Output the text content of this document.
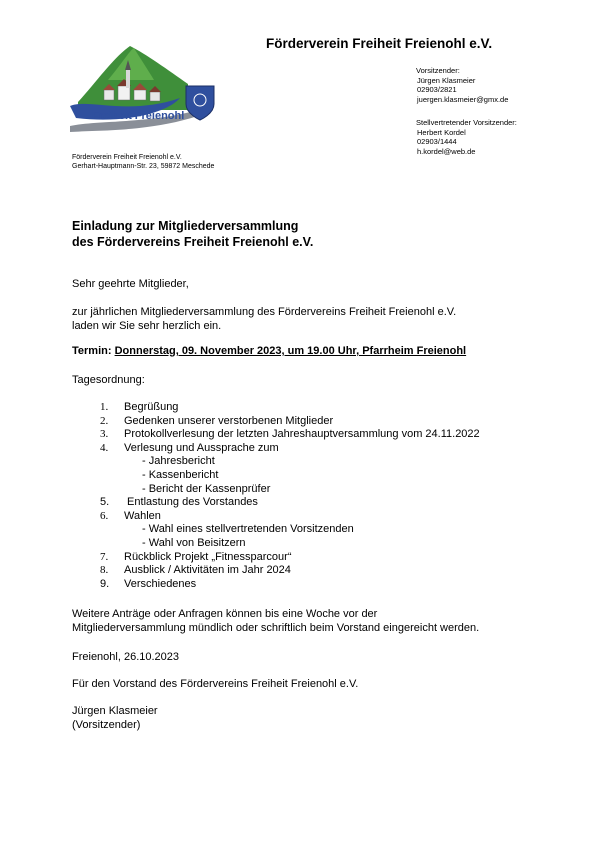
Freiheit Freienohl
Förderverein Freiheit Freienohl e.V.
Vorsitzender:
Jürgen Klasmeier
02903/2821
juergen.klasmeier@gmx.de
Stellvertretender Vorsitzender:
Herbert Kordel
02903/1444
h.kordel@web.de
Förderverein Freiheit Freienohl e.V.
Gerhart-Hauptmann-Str. 23, 59872 Meschede
Einladung zur Mitgliederversammlung
des Fördervereins Freiheit Freienohl e.V.
Sehr geehrte Mitglieder,
zur jährlichen Mitgliederversammlung des Fördervereins Freiheit Freienohl e.V.
laden wir Sie sehr herzlich ein.
Termin: Donnerstag, 09. November 2023, um 19.00 Uhr, Pfarrheim Freienohl
Tagesordnung:
1.	Begrüßung
2.	Gedenken unserer verstorbenen Mitglieder
3.	Protokollverlesung der letzten Jahreshauptversammlung vom 24.11.2022
4.	Verlesung und Aussprache zum
- Jahresbericht
- Kassenbericht
- Bericht der Kassenprüfer
5.	Entlastung des Vorstandes
6.	Wahlen
- Wahl eines stellvertretenden Vorsitzenden
- Wahl von Beisitzern
7.	Rückblick Projekt „Fitnessparcour“
8.	Ausblick / Aktivitäten im Jahr 2024
9.	Verschiedenes
Weitere Anträge oder Anfragen können bis eine Woche vor der
Mitgliederversammlung mündlich oder schriftlich beim Vorstand eingereicht werden.
Freienohl, 26.10.2023
Für den Vorstand des Fördervereins Freiheit Freienohl e.V.
Jürgen Klasmeier
(Vorsitzender)
